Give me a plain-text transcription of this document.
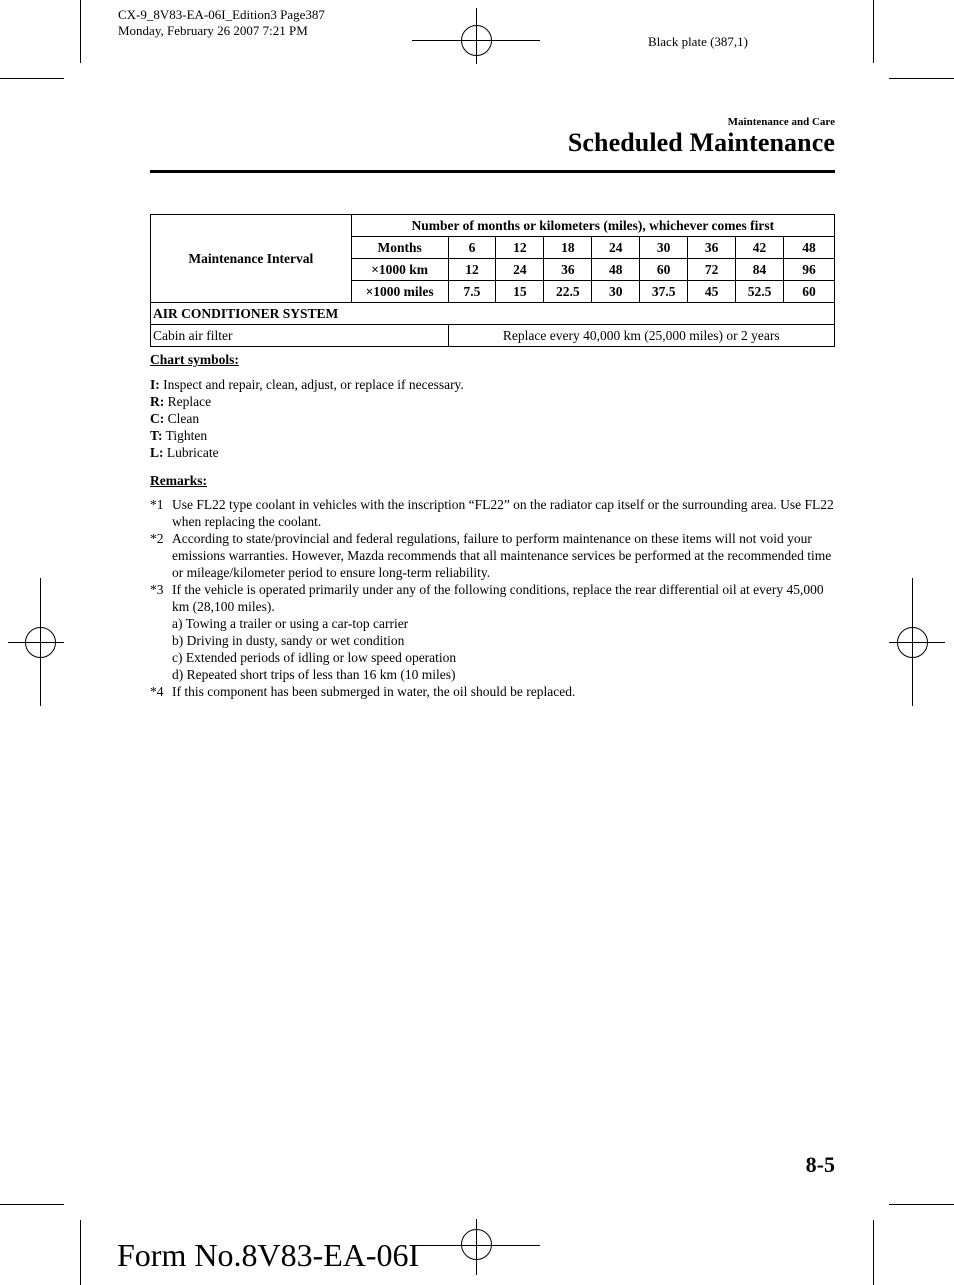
CX-9_8V83-EA-06I_Edition3 Page387
Monday, February 26 2007 7:21 PM
Black plate (387,1)
Maintenance and Care
Scheduled Maintenance
Maintenance Interval	Number of months or kilometers (miles), whichever comes first								
	Months	6	12	18	24	30	36	42	48
	×1000 km	12	24	36	48	60	72	84	96
	×1000 miles	7.5	15	22.5	30	37.5	45	52.5	60
AIR CONDITIONER SYSTEM									
Cabin air filter		Replace every 40,000 km (25,000 miles) or 2 years							
Chart symbols:
I: Inspect and repair, clean, adjust, or replace if necessary.
R: Replace
C: Clean
T: Tighten
L: Lubricate
Remarks:
*1 Use FL22 type coolant in vehicles with the inscription “FL22” on the radiator cap itself or the surrounding area. Use FL22 when replacing the coolant.
*2 According to state/provincial and federal regulations, failure to perform maintenance on these items will not void your emissions warranties. However, Mazda recommends that all maintenance services be performed at the recommended time or mileage/kilometer period to ensure long-term reliability.
*3 If the vehicle is operated primarily under any of the following conditions, replace the rear differential oil at every 45,000 km (28,100 miles).
a) Towing a trailer or using a car-top carrier
b) Driving in dusty, sandy or wet condition
c) Extended periods of idling or low speed operation
d) Repeated short trips of less than 16 km (10 miles)
*4 If this component has been submerged in water, the oil should be replaced.
8-5
Form No.8V83-EA-06I
